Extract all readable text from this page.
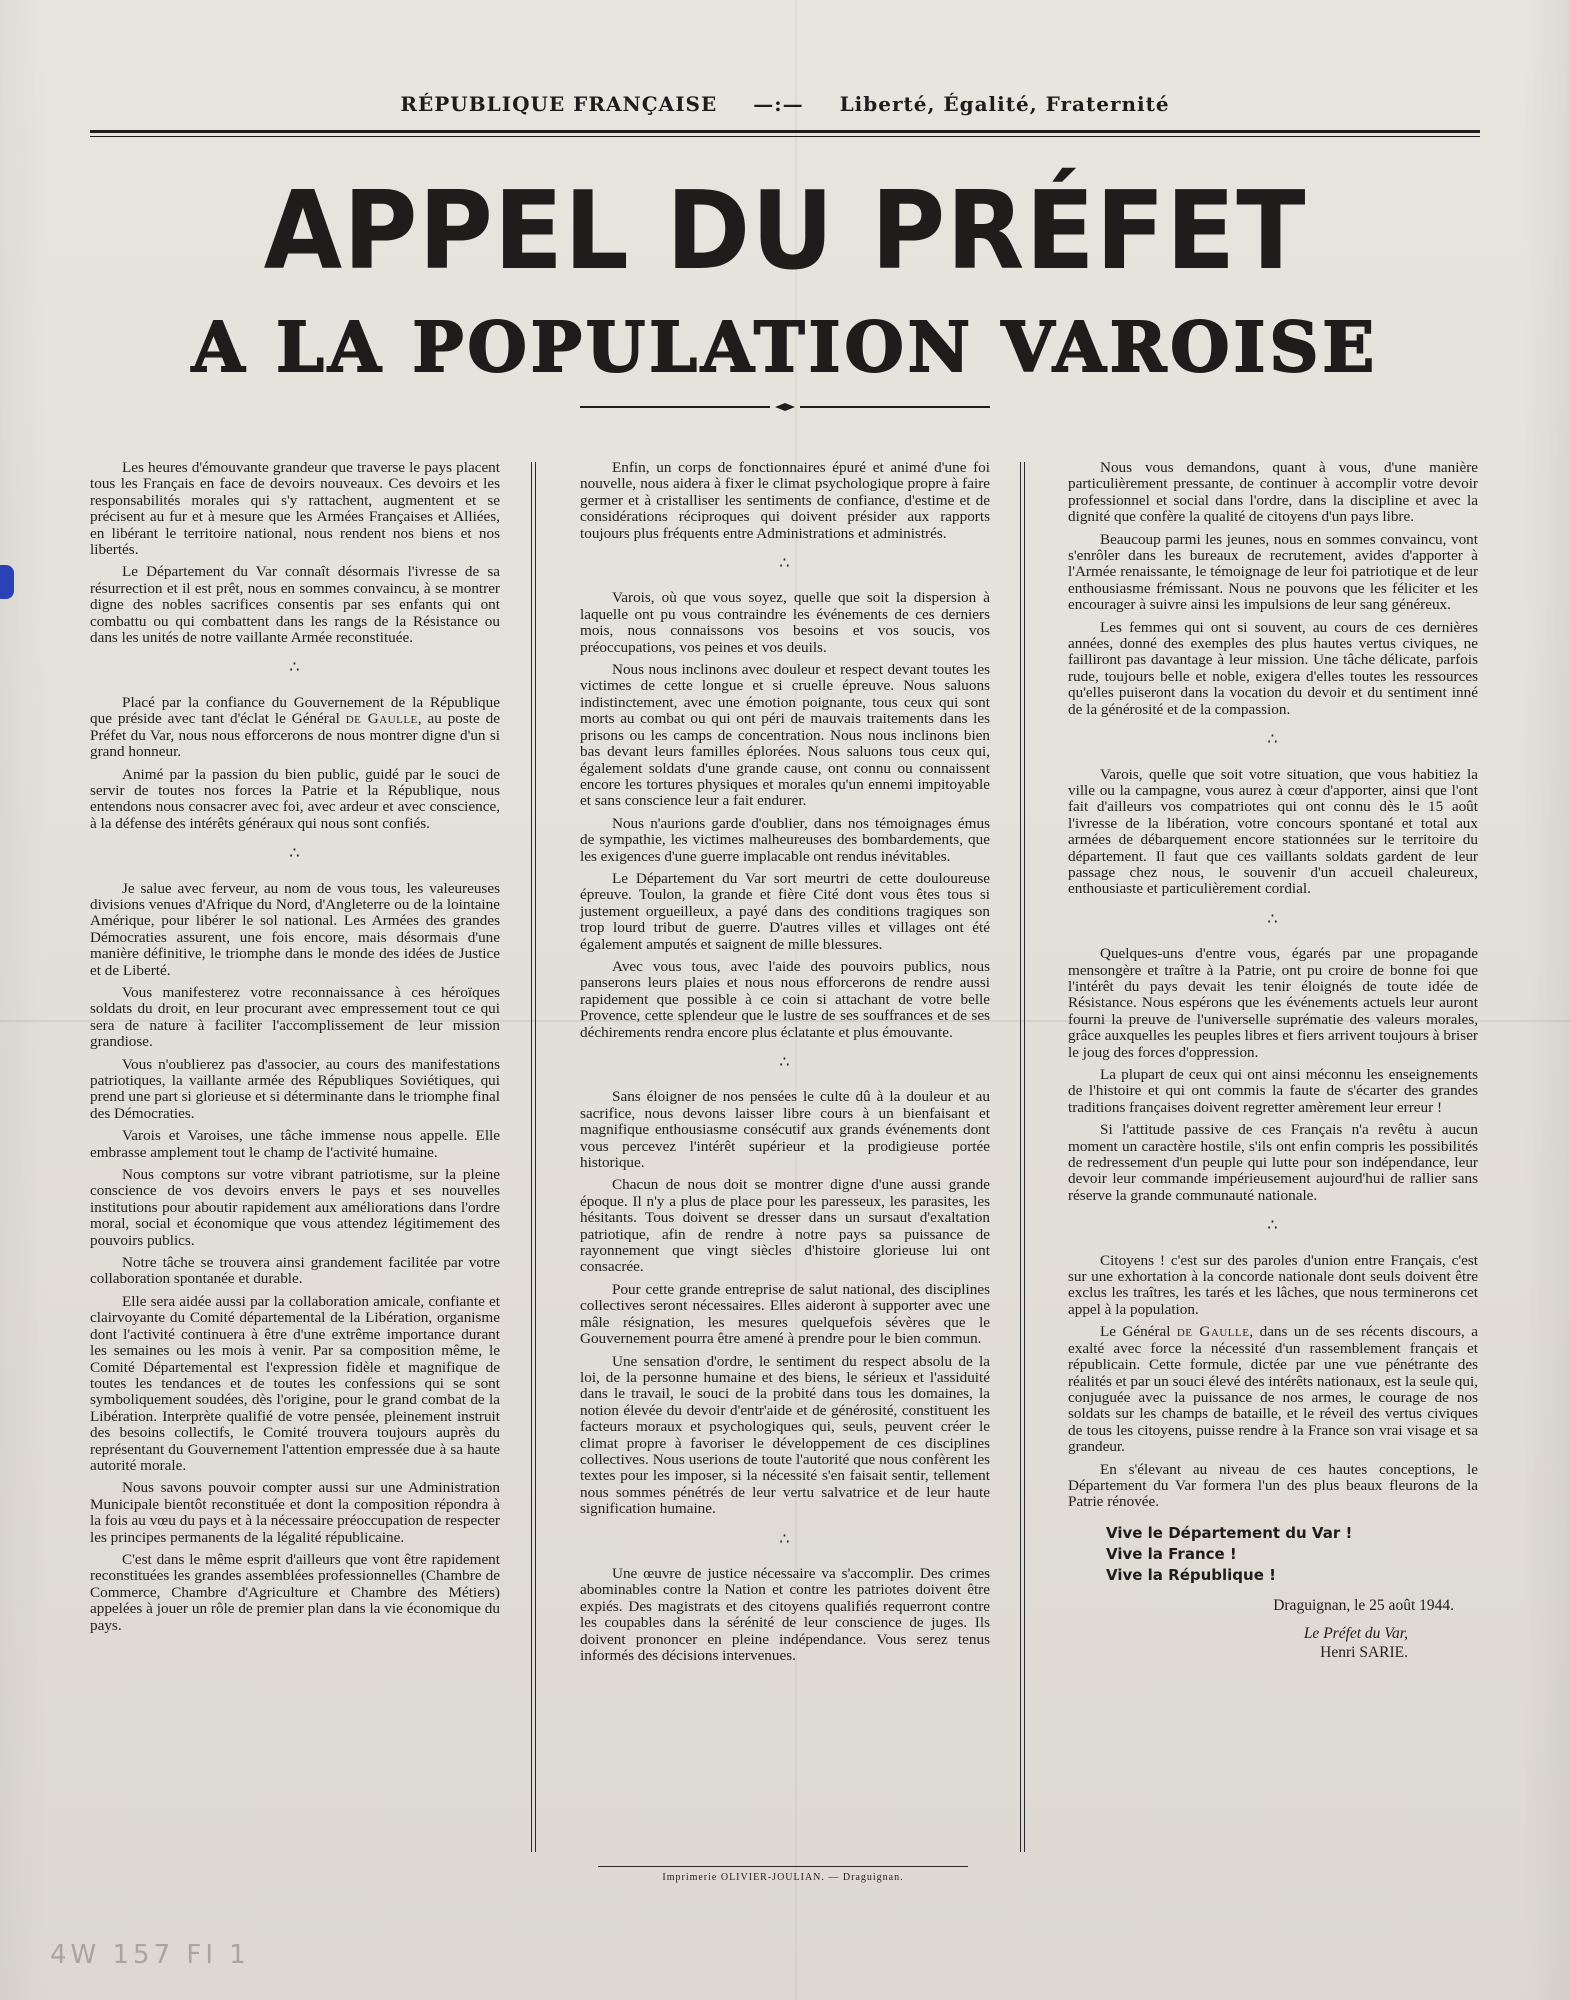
RÉPUBLIQUE FRANÇAISE —:— Liberté, Égalité, Fraternité
APPEL DU PRÉFET
A LA POPULATION VAROISE

Les heures d'émouvante grandeur que traverse le pays placent tous les Français en face de devoirs nouveaux. Ces devoirs et les responsabilités morales qui s'y rattachent, augmentent et se précisent au fur et à mesure que les Armées Françaises et Alliées, en libérant le territoire national, nous rendent nos biens et nos libertés.

Le Département du Var connaît désormais l'ivresse de sa résurrection et il est prêt, nous en sommes convaincu, à se montrer digne des nobles sacrifices consentis par ses enfants qui ont combattu ou qui combattent dans les rangs de la Résistance ou dans les unités de notre vaillante Armée reconstituée.

∴

Placé par la confiance du Gouvernement de la République que préside avec tant d'éclat le Général de Gaulle, au poste de Préfet du Var, nous nous efforcerons de nous montrer digne d'un si grand honneur.

Animé par la passion du bien public, guidé par le souci de servir de toutes nos forces la Patrie et la République, nous entendons nous consacrer avec foi, avec ardeur et avec conscience, à la défense des intérêts généraux qui nous sont confiés.

∴

Je salue avec ferveur, au nom de vous tous, les valeureuses divisions venues d'Afrique du Nord, d'Angleterre ou de la lointaine Amérique, pour libérer le sol national. Les Armées des grandes Démocraties assurent, une fois encore, mais désormais d'une manière définitive, le triomphe dans le monde des idées de Justice et de Liberté.

Vous manifesterez votre reconnaissance à ces héroïques soldats du droit, en leur procurant avec empressement tout ce qui sera de nature à faciliter l'accomplissement de leur mission grandiose.

Vous n'oublierez pas d'associer, au cours des manifestations patriotiques, la vaillante armée des Républiques Soviétiques, qui prend une part si glorieuse et si déterminante dans le triomphe final des Démocraties.

Varois et Varoises, une tâche immense nous appelle. Elle embrasse amplement tout le champ de l'activité humaine.

Nous comptons sur votre vibrant patriotisme, sur la pleine conscience de vos devoirs envers le pays et ses nouvelles institutions pour aboutir rapidement aux améliorations dans l'ordre moral, social et économique que vous attendez légitimement des pouvoirs publics.

Notre tâche se trouvera ainsi grandement facilitée par votre collaboration spontanée et durable.

Elle sera aidée aussi par la collaboration amicale, confiante et clairvoyante du Comité départemental de la Libération, organisme dont l'activité continuera à être d'une extrême importance durant les semaines ou les mois à venir. Par sa composition même, le Comité Départemental est l'expression fidèle et magnifique de toutes les tendances et de toutes les confessions qui se sont symboliquement soudées, dès l'origine, pour le grand combat de la Libération. Interprète qualifié de votre pensée, pleinement instruit des besoins collectifs, le Comité trouvera toujours auprès du représentant du Gouvernement l'attention empressée due à sa haute autorité morale.

Nous savons pouvoir compter aussi sur une Administration Municipale bientôt reconstituée et dont la composition répondra à la fois au vœu du pays et à la nécessaire préoccupation de respecter les principes permanents de la légalité républicaine.

C'est dans le même esprit d'ailleurs que vont être rapidement reconstituées les grandes assemblées professionnelles (Chambre de Commerce, Chambre d'Agriculture et Chambre des Métiers) appelées à jouer un rôle de premier plan dans la vie économique du pays.

Enfin, un corps de fonctionnaires épuré et animé d'une foi nouvelle, nous aidera à fixer le climat psychologique propre à faire germer et à cristalliser les sentiments de confiance, d'estime et de considérations réciproques qui doivent présider aux rapports toujours plus fréquents entre Administrations et administrés.

∴

Varois, où que vous soyez, quelle que soit la dispersion à laquelle ont pu vous contraindre les événements de ces derniers mois, nous connaissons vos besoins et vos soucis, vos préoccupations, vos peines et vos deuils.

Nous nous inclinons avec douleur et respect devant toutes les victimes de cette longue et si cruelle épreuve. Nous saluons indistinctement, avec une émotion poignante, tous ceux qui sont morts au combat ou qui ont péri de mauvais traitements dans les prisons ou les camps de concentration. Nous nous inclinons bien bas devant leurs familles éplorées. Nous saluons tous ceux qui, également soldats d'une grande cause, ont connu ou connaissent encore les tortures physiques et morales qu'un ennemi impitoyable et sans conscience leur a fait endurer.

Nous n'aurions garde d'oublier, dans nos témoignages émus de sympathie, les victimes malheureuses des bombardements, que les exigences d'une guerre implacable ont rendus inévitables.

Le Département du Var sort meurtri de cette douloureuse épreuve. Toulon, la grande et fière Cité dont vous êtes tous si justement orgueilleux, a payé dans des conditions tragiques son trop lourd tribut de guerre. D'autres villes et villages ont été également amputés et saignent de mille blessures.

Avec vous tous, avec l'aide des pouvoirs publics, nous panserons leurs plaies et nous nous efforcerons de rendre aussi rapidement que possible à ce coin si attachant de votre belle Provence, cette splendeur que le lustre de ses souffrances et de ses déchirements rendra encore plus éclatante et plus émouvante.

∴

Sans éloigner de nos pensées le culte dû à la douleur et au sacrifice, nous devons laisser libre cours à un bienfaisant et magnifique enthousiasme consécutif aux grands événements dont vous percevez l'intérêt supérieur et la prodigieuse portée historique.

Chacun de nous doit se montrer digne d'une aussi grande époque. Il n'y a plus de place pour les paresseux, les parasites, les hésitants. Tous doivent se dresser dans un sursaut d'exaltation patriotique, afin de rendre à notre pays sa puissance de rayonnement que vingt siècles d'histoire glorieuse lui ont consacrée.

Pour cette grande entreprise de salut national, des disciplines collectives seront nécessaires. Elles aideront à supporter avec une mâle résignation, les mesures quelquefois sévères que le Gouvernement pourra être amené à prendre pour le bien commun.

Une sensation d'ordre, le sentiment du respect absolu de la loi, de la personne humaine et des biens, le sérieux et l'assiduité dans le travail, le souci de la probité dans tous les domaines, la notion élevée du devoir d'entr'aide et de générosité, constituent les facteurs moraux et psychologiques qui, seuls, peuvent créer le climat propre à favoriser le développement de ces disciplines collectives. Nous userions de toute l'autorité que nous confèrent les textes pour les imposer, si la nécessité s'en faisait sentir, tellement nous sommes pénétrés de leur vertu salvatrice et de leur haute signification humaine.

∴

Une œuvre de justice nécessaire va s'accomplir. Des crimes abominables contre la Nation et contre les patriotes doivent être expiés. Des magistrats et des citoyens qualifiés requerront contre les coupables dans la sérénité de leur conscience de juges. Ils doivent prononcer en pleine indépendance. Vous serez tenus informés des décisions intervenues.

Nous vous demandons, quant à vous, d'une manière particulièrement pressante, de continuer à accomplir votre devoir professionnel et social dans l'ordre, dans la discipline et avec la dignité que confère la qualité de citoyens d'un pays libre.

Beaucoup parmi les jeunes, nous en sommes convaincu, vont s'enrôler dans les bureaux de recrutement, avides d'apporter à l'Armée renaissante, le témoignage de leur foi patriotique et de leur enthousiasme frémissant. Nous ne pouvons que les féliciter et les encourager à suivre ainsi les impulsions de leur sang généreux.

Les femmes qui ont si souvent, au cours de ces dernières années, donné des exemples des plus hautes vertus civiques, ne failliront pas davantage à leur mission. Une tâche délicate, parfois rude, toujours belle et noble, exigera d'elles toutes les ressources qu'elles puiseront dans la vocation du devoir et du sentiment inné de la générosité et de la compassion.

∴

Varois, quelle que soit votre situation, que vous habitiez la ville ou la campagne, vous aurez à cœur d'apporter, ainsi que l'ont fait d'ailleurs vos compatriotes qui ont connu dès le 15 août l'ivresse de la libération, votre concours spontané et total aux armées de débarquement encore stationnées sur le territoire du département. Il faut que ces vaillants soldats gardent de leur passage chez nous, le souvenir d'un accueil chaleureux, enthousiaste et particulièrement cordial.

∴

Quelques-uns d'entre vous, égarés par une propagande mensongère et traître à la Patrie, ont pu croire de bonne foi que l'intérêt du pays devait les tenir éloignés de toute idée de Résistance. Nous espérons que les événements actuels leur auront fourni la preuve de l'universelle suprématie des valeurs morales, grâce auxquelles les peuples libres et fiers arrivent toujours à briser le joug des forces d'oppression.

La plupart de ceux qui ont ainsi méconnu les enseignements de l'histoire et qui ont commis la faute de s'écarter des grandes traditions françaises doivent regretter amèrement leur erreur !

Si l'attitude passive de ces Français n'a revêtu à aucun moment un caractère hostile, s'ils ont enfin compris les possibilités de redressement d'un peuple qui lutte pour son indépendance, leur devoir leur commande impérieusement aujourd'hui de rallier sans réserve la grande communauté nationale.

∴

Citoyens ! c'est sur des paroles d'union entre Français, c'est sur une exhortation à la concorde nationale dont seuls doivent être exclus les traîtres, les tarés et les lâches, que nous terminerons cet appel à la population.

Le Général de Gaulle, dans un de ses récents discours, a exalté avec force la nécessité d'un rassemblement français et républicain. Cette formule, dictée par une vue pénétrante des réalités et par un souci élevé des intérêts nationaux, est la seule qui, conjuguée avec la puissance de nos armes, le courage de nos soldats sur les champs de bataille, et le réveil des vertus civiques de tous les citoyens, puisse rendre à la France son vrai visage et sa grandeur.

En s'élevant au niveau de ces hautes conceptions, le Département du Var formera l'un des plus beaux fleurons de la Patrie rénovée.

Vive le Département du Var !
Vive la France !
Vive la République !
Draguignan, le 25 août 1944.
Le Préfet du Var,
Henri SARIE.
Imprimerie OLIVIER-JOULIAN. — Draguignan.
4W 157 FI 1
